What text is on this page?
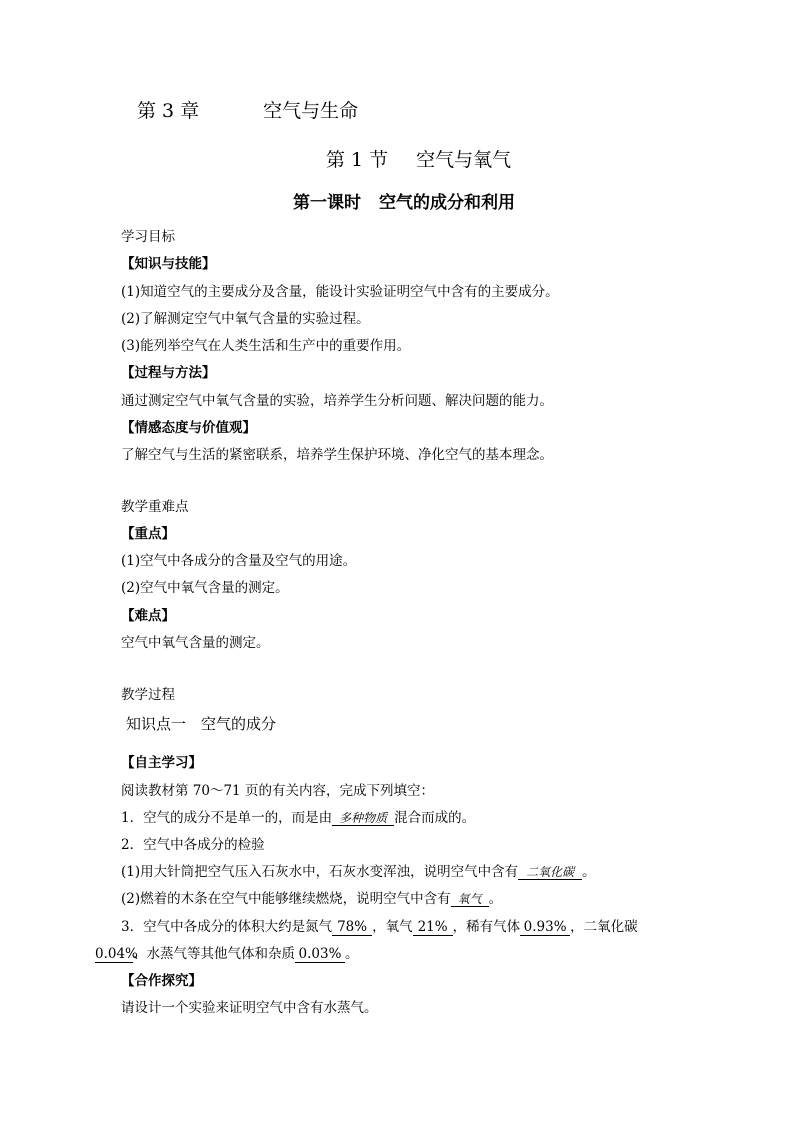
第 3 章	空气与生命
第 1 节 空气与氧气
第一课时 空气的成分和利用
学习目标
【知识与技能】
(1)知道空气的主要成分及含量，能设计实验证明空气中含有的主要成分。
(2)了解测定空气中氧气含量的实验过程。
(3)能列举空气在人类生活和生产中的重要作用。
【过程与方法】
通过测定空气中氧气含量的实验，培养学生分析问题、解决问题的能力。
【情感态度与价值观】
了解空气与生活的紧密联系，培养学生保护环境、净化空气的基本理念。
教学重难点
【重点】
(1)空气中各成分的含量及空气的用途。
(2)空气中氧气含量的测定。
【难点】
空气中氧气含量的测定。
教学过程
知识点一　空气的成分
【自主学习】
阅读教材第 70～71 页的有关内容，完成下列填空：
1．空气的成分不是单一的，而是由 多种物质 混合而成的。
2．空气中各成分的检验
(1)用大针筒把空气压入石灰水中，石灰水变浑浊，说明空气中含有 二氧化碳 。
(2)燃着的木条在空气中能够继续燃烧，说明空气中含有 氧气 。
3．空气中各成分的体积大约是氮气 78% ，氧气 21% ，稀有气体 0.93% ，二氧化碳
0.04%、水蒸气等其他气体和杂质 0.03% 。
【合作探究】
请设计一个实验来证明空气中含有水蒸气。
